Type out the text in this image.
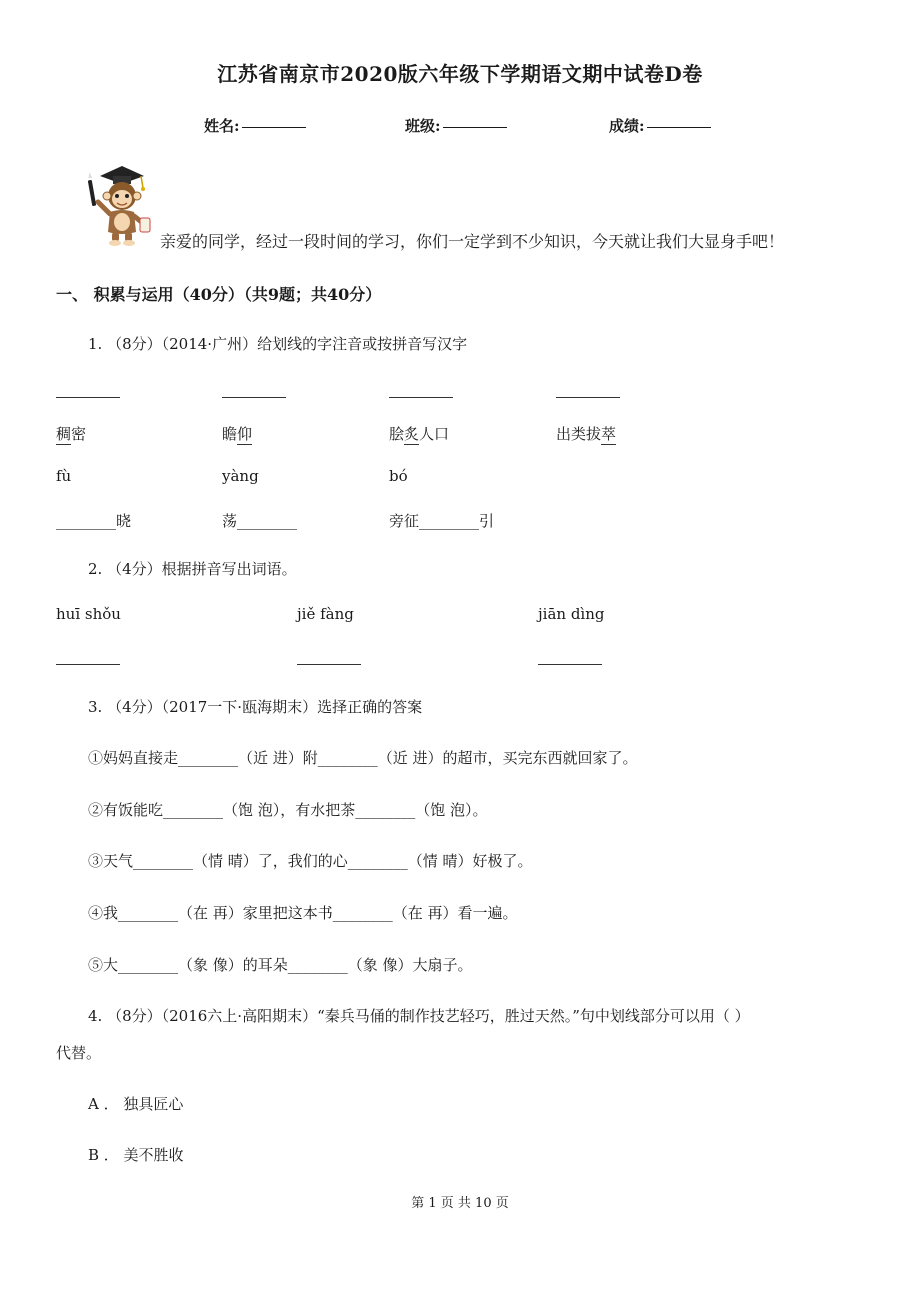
江苏省南京市2020版六年级下学期语文期中试卷D卷
姓名:	班级:	成绩:
亲爱的同学，经过一段时间的学习，你们一定学到不少知识，今天就让我们大显身手吧！
一、 积累与运用（40分）（共9题；共40分）
1. （8分）（2014·广州）给划线的字注音或按拼音写汉字
稠密	瞻仰	脍炙人口	出类拔萃
fù	yàng	bó
________晓	荡________	旁征________引
2. （4分）根据拼音写出词语。
huī shǒu	jiě fàng	jiān dìng
3. （4分）（2017一下·瓯海期末）选择正确的答案
①妈妈直接走________（近 进）附________（近 进）的超市，买完东西就回家了。
②有饭能吃________（饱 泡），有水把茶________（饱 泡）。
③天气________（情 晴）了，我们的心________（情 晴）好极了。
④我________（在 再）家里把这本书________（在 再）看一遍。
⑤大________（象 像）的耳朵________（象 像）大扇子。
4. （8分）（2016六上·高阳期末）“秦兵马俑的制作技艺轻巧，胜过天然。”句中划线部分可以用（ ）
代替。
A ． 独具匠心
B ． 美不胜收
第 1 页 共 10 页
